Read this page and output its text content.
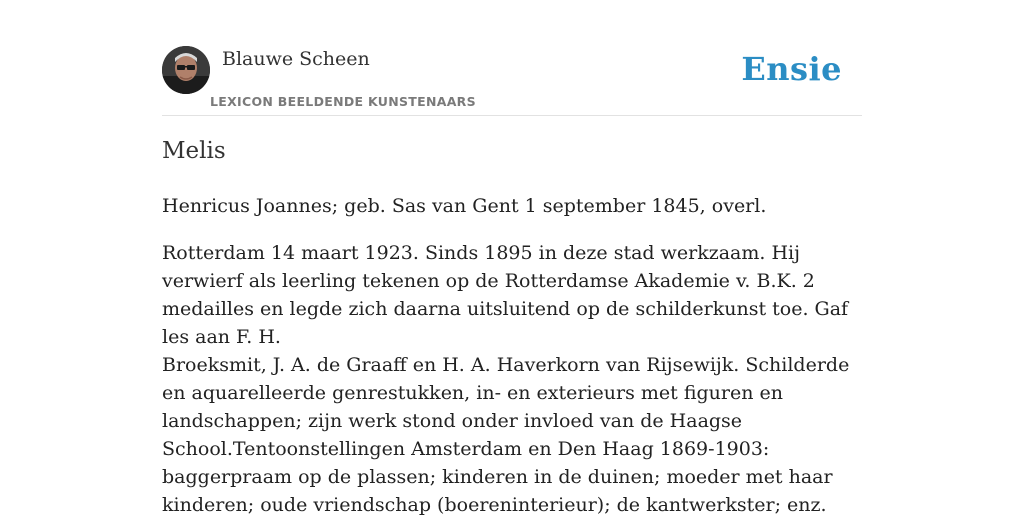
Blauwe Scheen
LEXICON BEELDENDE KUNSTENAARS
Ensie
Melis

Henricus Joannes; geb. Sas van Gent 1 september 1845, overl.

Rotterdam 14 maart 1923. Sinds 1895 in deze stad werkzaam. Hij verwierf als leerling tekenen op de Rotterdamse Akademie v. B.K. 2 medailles en legde zich daarna uitsluitend op de schilderkunst toe. Gaf les aan F. H.

Broeksmit, J. A. de Graaff en H. A. Haverkorn van Rijsewijk. Schilderde en aquarelleerde genrestukken, in- en exterieurs met figuren en landschappen; zijn werk stond onder invloed van de Haagse School.Tentoonstellingen Amsterdam en Den Haag 1869-1903: baggerpraam op de plassen; kinderen in de duinen; moeder met haar kinderen; oude vriendschap (boereninterieur); de kantwerkster; enz.
